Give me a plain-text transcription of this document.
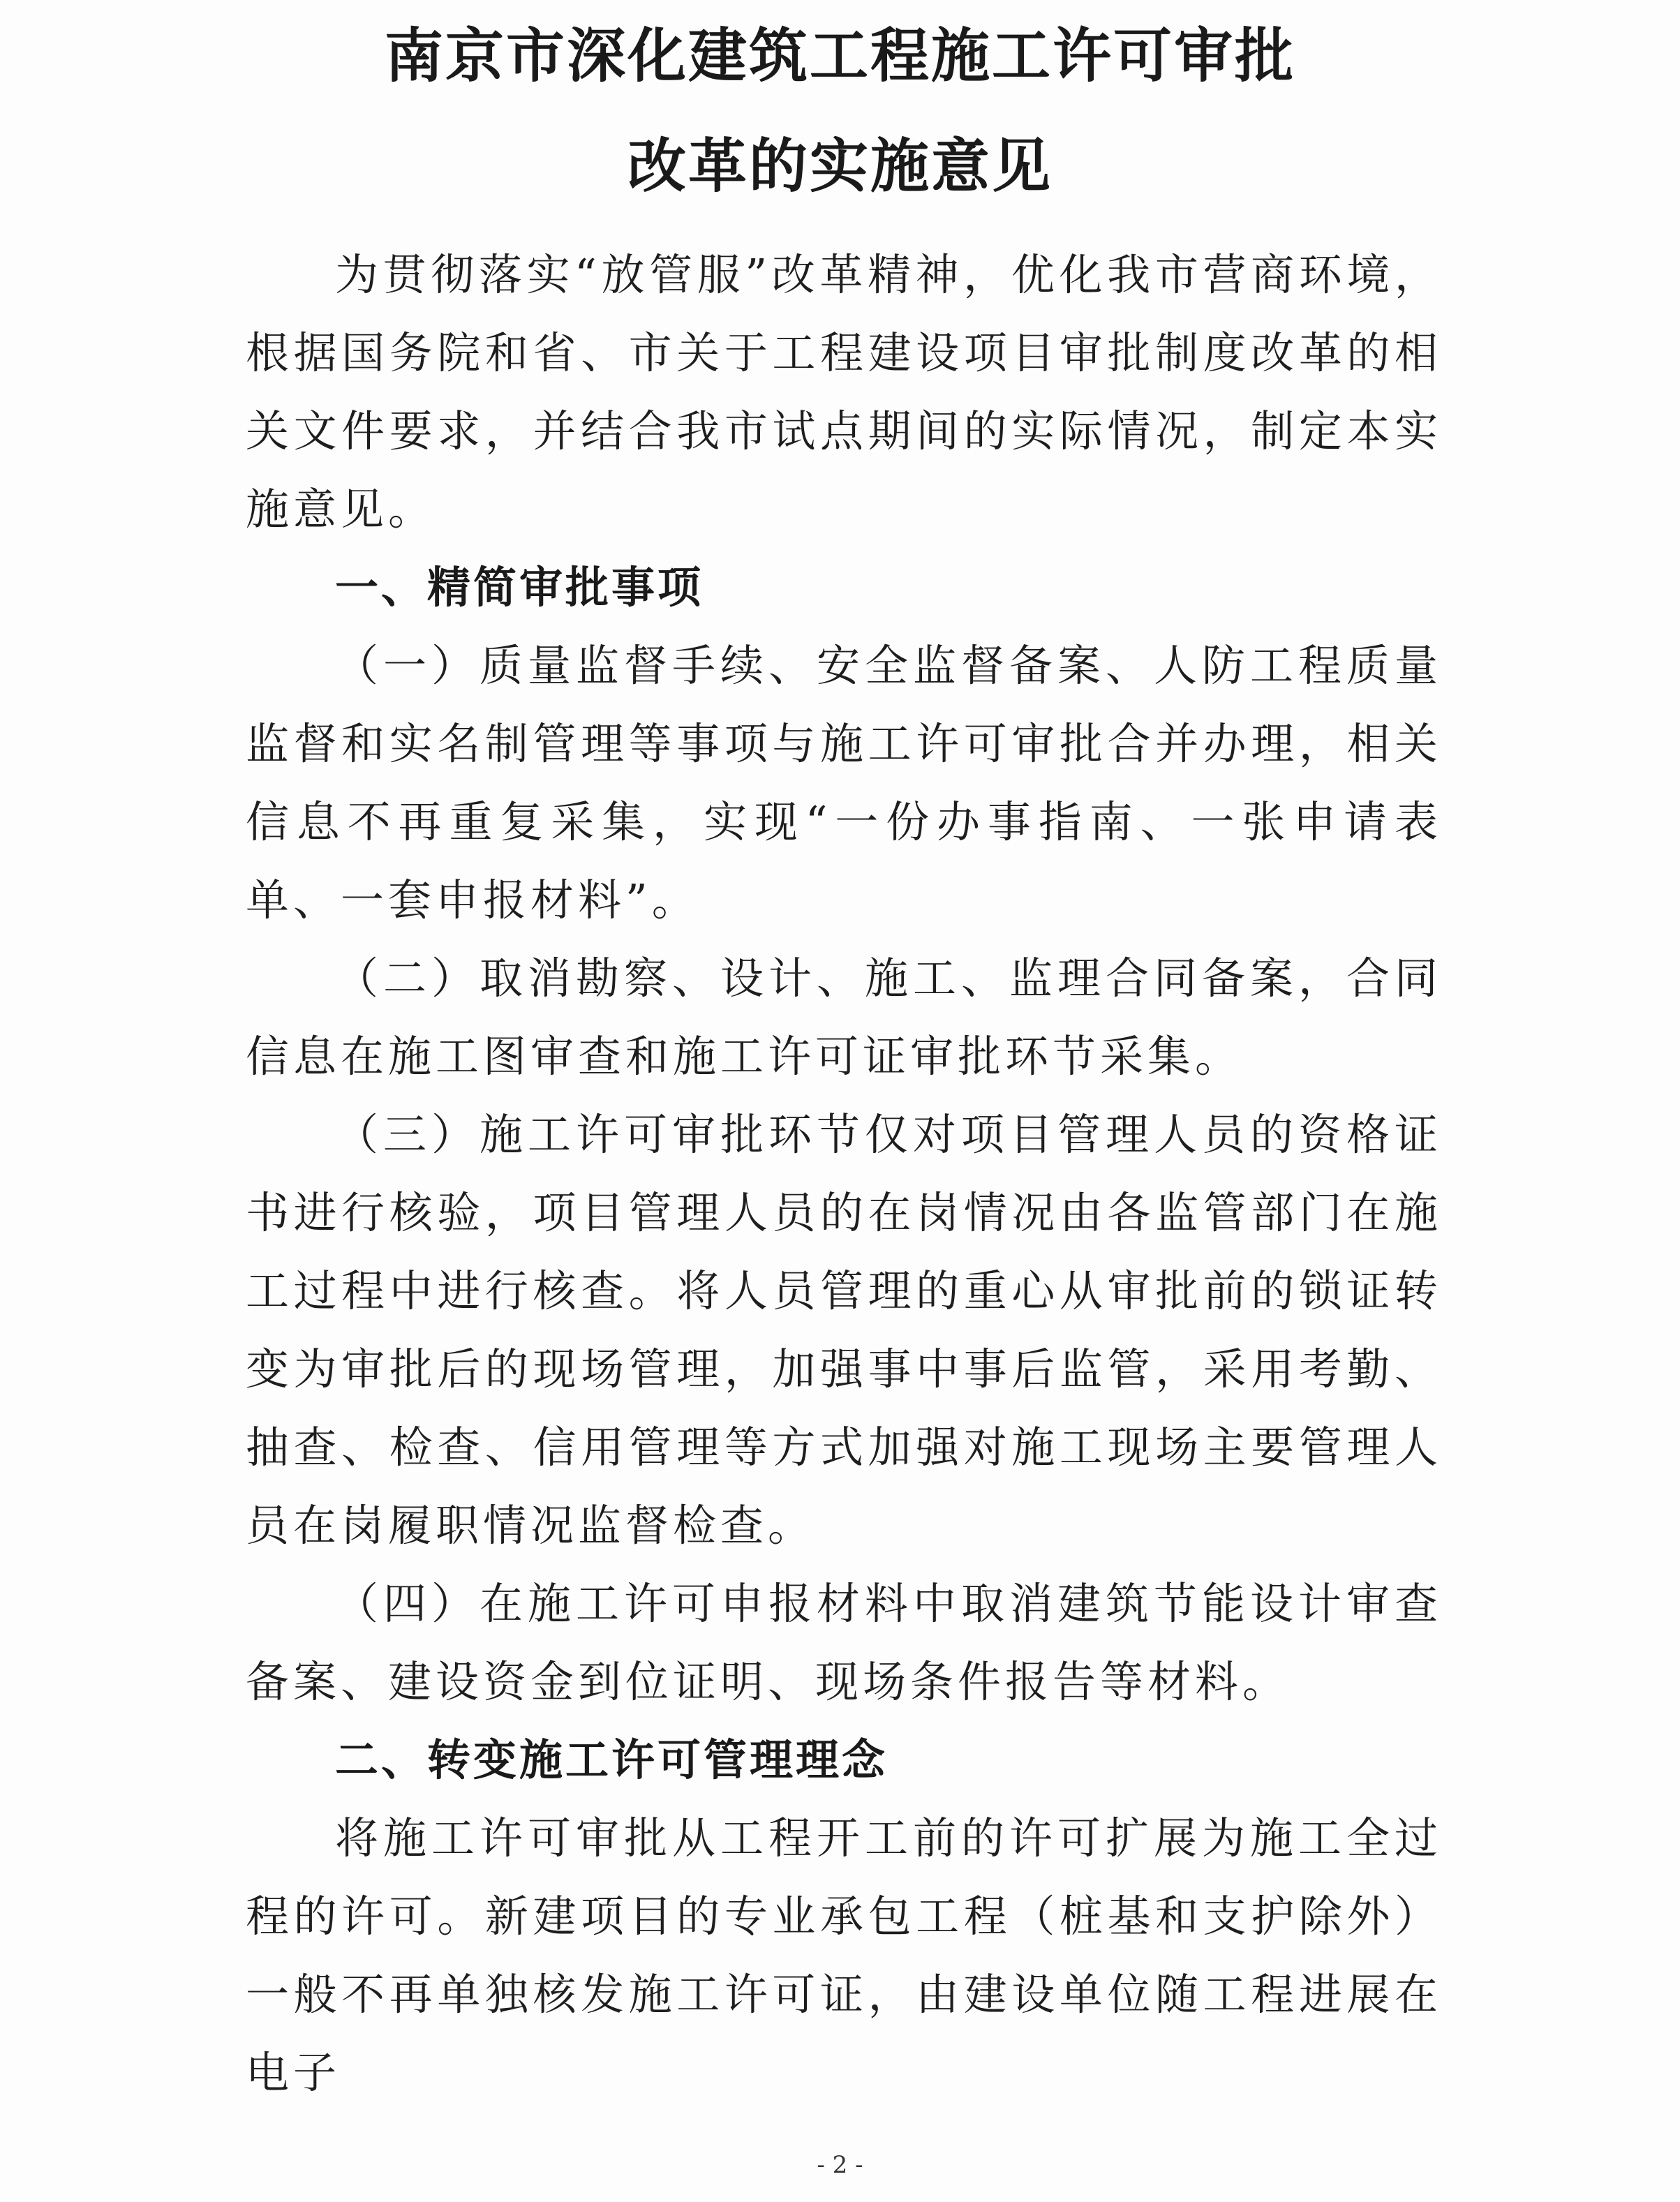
南京市深化建筑工程施工许可审批
改革的实施意见

为贯彻落实“放管服”改革精神，优化我市营商环境，根据国务院和省、市关于工程建设项目审批制度改革的相关文件要求，并结合我市试点期间的实际情况，制定本实施意见。

一、精简审批事项

（一）质量监督手续、安全监督备案、人防工程质量监督和实名制管理等事项与施工许可审批合并办理，相关信息不再重复采集，实现“一份办事指南、一张申请表单、一套申报材料”。

（二）取消勘察、设计、施工、监理合同备案，合同信息在施工图审查和施工许可证审批环节采集。

（三）施工许可审批环节仅对项目管理人员的资格证书进行核验，项目管理人员的在岗情况由各监管部门在施工过程中进行核查。将人员管理的重心从审批前的锁证转变为审批后的现场管理，加强事中事后监管，采用考勤、抽查、检查、信用管理等方式加强对施工现场主要管理人员在岗履职情况监督检查。

（四）在施工许可申报材料中取消建筑节能设计审查备案、建设资金到位证明、现场条件报告等材料。

二、转变施工许可管理理念

将施工许可审批从工程开工前的许可扩展为施工全过程的许可。新建项目的专业承包工程（桩基和支护除外）一般不再单独核发施工许可证，由建设单位随工程进展在电子

- 2 -
